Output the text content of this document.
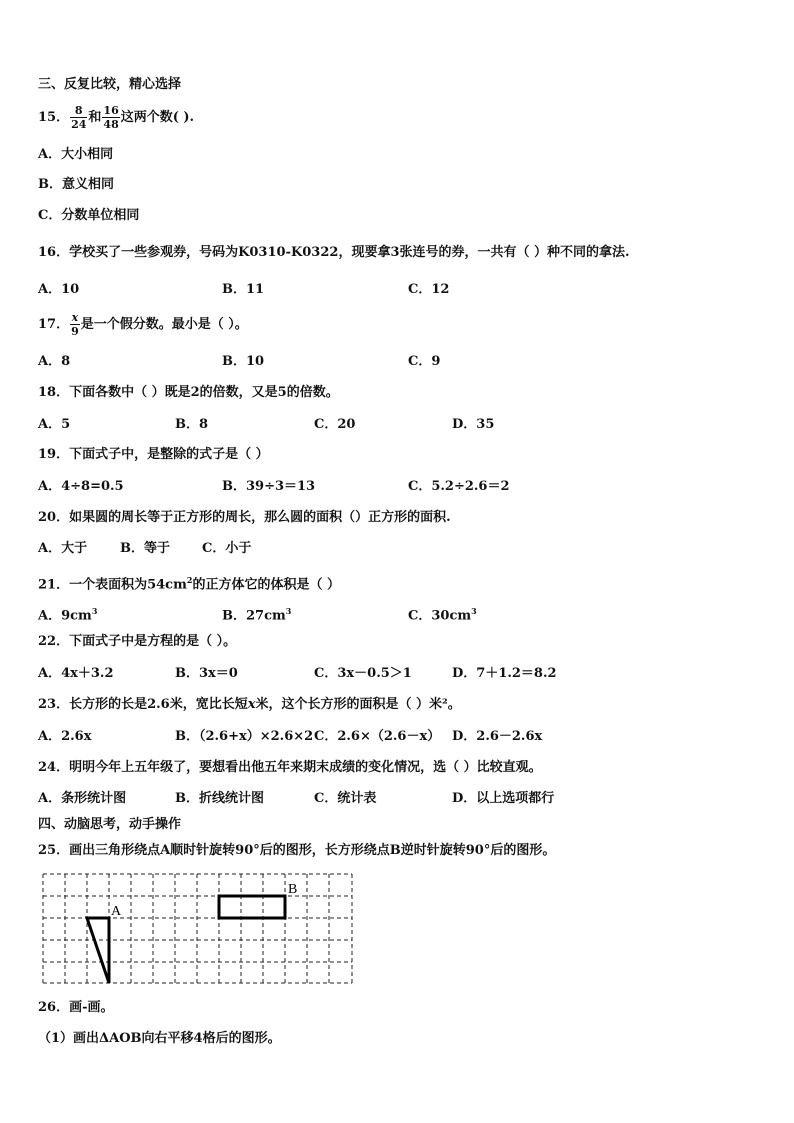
三、反复比较，精心选择
15． $\frac{8}{24}$ 和 $\frac{16}{48}$ 这两个数( ).
A．大小相同
B．意义相同
C．分数单位相同
16．学校买了一些参观券，号码为K0310-K0322，现要拿3张连号的券，一共有（ ）种不同的拿法.
A．10	B．11	C．12
17． $\frac{x}{9}$ 是一个假分数。最小是（ ）。
A．8	B．10	C．9
18．下面各数中（ ）既是2的倍数，又是5的倍数。
A．5	B．8	C．20	D．35
19．下面式子中，是整除的式子是（ ）
A．4÷8=0.5	B．39÷3＝13	C．5.2÷2.6＝2
20．如果圆的周长等于正方形的周长，那么圆的面积（）正方形的面积.
A．大于	B．等于 C．小于
21．一个表面积为$54cm^2$的正方体它的体积是（ ）
A．$9cm^3$	B．$27cm^3$	C．$30cm^3$
22．下面式子中是方程的是（ ）。
A．4x＋3.2	B．3x＝0	C．3x－0.5＞1	D．7＋1.2＝8.2
23．长方形的长是2.6米，宽比长短x米，这个长方形的面积是（ ）米²。
A．2.6x	B．（2.6+x）×2.6×2 C．2.6×（2.6－x） D．2.6－2.6x
24．明明今年上五年级了，要想看出他五年来期末成绩的变化情况，选（ ）比较直观。
A．条形统计图	B．折线统计图	C．统计表	D．以上选项都行
四、动脑思考，动手操作
25．画出三角形绕点A顺时针旋转90°后的图形，长方形绕点B逆时针旋转90°后的图形。
A
B
26．画-画。
（1）画出ΔAOB向右平移4格后的图形。
